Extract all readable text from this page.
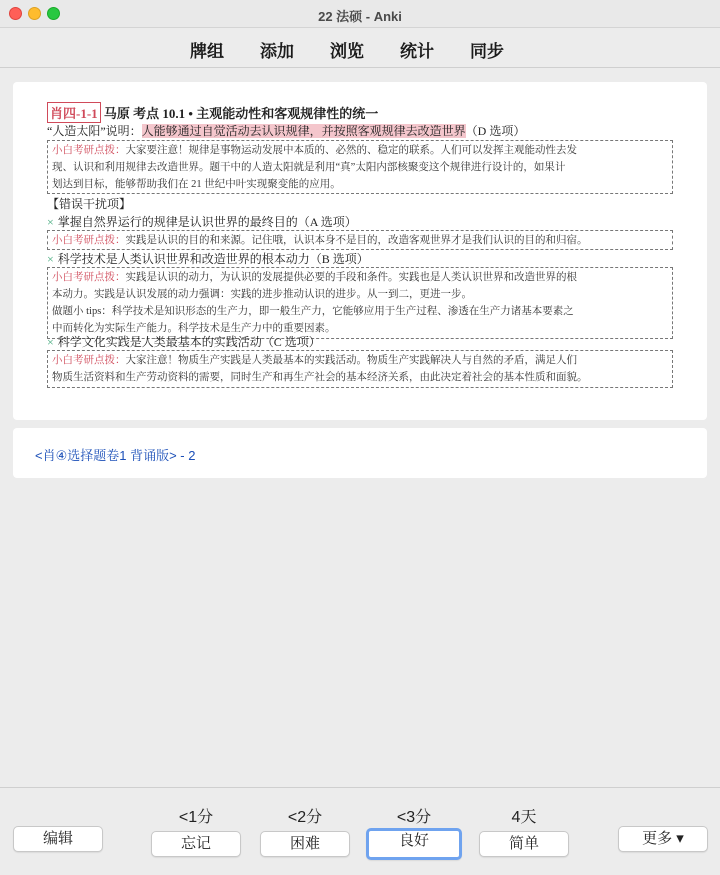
22 法硕 - Anki
牌组 添加 浏览 统计 同步
肖四-1-1 马原 考点 10.1 • 主观能动性和客观规律性的统一
“人造太阳”说明：人能够通过自觉活动去认识规律，并按照客观规律去改造世界（D 选项）
小白考研点拨：大家要注意！规律是事物运动发展中本质的、必然的、稳定的联系。人们可以发挥主观能动性去发
现、认识和利用规律去改造世界。题干中的人造太阳就是利用“真”太阳内部核聚变这个规律进行设计的，如果计
划达到目标，能够帮助我们在 21 世纪中叶实现聚变能的应用。
【错误干扰项】
× 掌握自然界运行的规律是认识世界的最终目的（A 选项）
小白考研点拨：实践是认识的目的和来源。记住哦，认识本身不是目的，改造客观世界才是我们认识的目的和归宿。
× 科学技术是人类认识世界和改造世界的根本动力（B 选项）
小白考研点拨：实践是认识的动力，为认识的发展提供必要的手段和条件。实践也是人类认识世界和改造世界的根
本动力。实践是认识发展的动力强调：实践的进步推动认识的进步。从一到二，更进一步。
做题小 tips：科学技术是知识形态的生产力，即一般生产力，它能够应用于生产过程、渗透在生产力诸基本要素之
中而转化为实际生产能力。科学技术是生产力中的重要因素。
× 科学文化实践是人类最基本的实践活动（C 选项）
小白考研点拨：大家注意！物质生产实践是人类最基本的实践活动。物质生产实践解决人与自然的矛盾，满足人们
物质生活资料和生产劳动资料的需要，同时生产和再生产社会的基本经济关系，由此决定着社会的基本性质和面貌。
<肖④选择题卷1 背诵版> - 2
编辑
<1分	<2分	<3分	4天
忘记	困难	良好	简单	更多 ▾
